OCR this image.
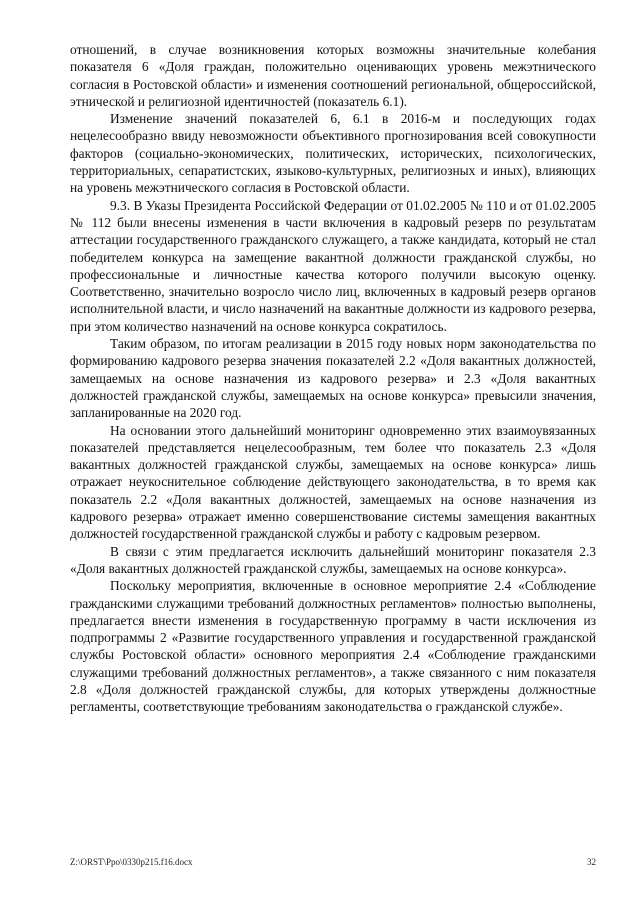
отношений, в случае возникновения которых возможны значительные колебания показателя 6 «Доля граждан, положительно оценивающих уровень межэтнического согласия в Ростовской области» и изменения соотношений региональной, общероссийской, этнической и религиозной идентичностей (показатель 6.1).

Изменение значений показателей 6, 6.1 в 2016-м и последующих годах нецелесообразно ввиду невозможности объективного прогнозирования всей совокупности факторов (социально-экономических, политических, исторических, психологических, территориальных, сепаратистских, языково-культурных, религиозных и иных), влияющих на уровень межэтнического согласия в Ростовской области.

9.3. В Указы Президента Российской Федерации от 01.02.2005 № 110 и от 01.02.2005 № 112 были внесены изменения в части включения в кадровый резерв по результатам аттестации государственного гражданского служащего, а также кандидата, который не стал победителем конкурса на замещение вакантной должности гражданской службы, но профессиональные и личностные качества которого получили высокую оценку. Соответственно, значительно возросло число лиц, включенных в кадровый резерв органов исполнительной власти, и число назначений на вакантные должности из кадрового резерва, при этом количество назначений на основе конкурса сократилось.

Таким образом, по итогам реализации в 2015 году новых норм законодательства по формированию кадрового резерва значения показателей 2.2 «Доля вакантных должностей, замещаемых на основе назначения из кадрового резерва» и 2.3 «Доля вакантных должностей гражданской службы, замещаемых на основе конкурса» превысили значения, запланированные на 2020 год.

На основании этого дальнейший мониторинг одновременно этих взаимоувязанных показателей представляется нецелесообразным, тем более что показатель 2.3 «Доля вакантных должностей гражданской службы, замещаемых на основе конкурса» лишь отражает неукоснительное соблюдение действующего законодательства, в то время как показатель 2.2 «Доля вакантных должностей, замещаемых на основе назначения из кадрового резерва» отражает именно совершенствование системы замещения вакантных должностей государственной гражданской службы и работу с кадровым резервом.

В связи с этим предлагается исключить дальнейший мониторинг показателя 2.3 «Доля вакантных должностей гражданской службы, замещаемых на основе конкурса».

Поскольку мероприятия, включенные в основное мероприятие 2.4 «Соблюдение гражданскими служащими требований должностных регламентов» полностью выполнены, предлагается внести изменения в государственную программу в части исключения из подпрограммы 2 «Развитие государственного управления и государственной гражданской службы Ростовской области» основного мероприятия 2.4 «Соблюдение гражданскими служащими требований должностных регламентов», а также связанного с ним показателя 2.8 «Доля должностей гражданской службы, для которых утверждены должностные регламенты, соответствующие требованиям законодательства о гражданской службе».

Z:\ORST\Ppo\0330p215.f16.docx	32
